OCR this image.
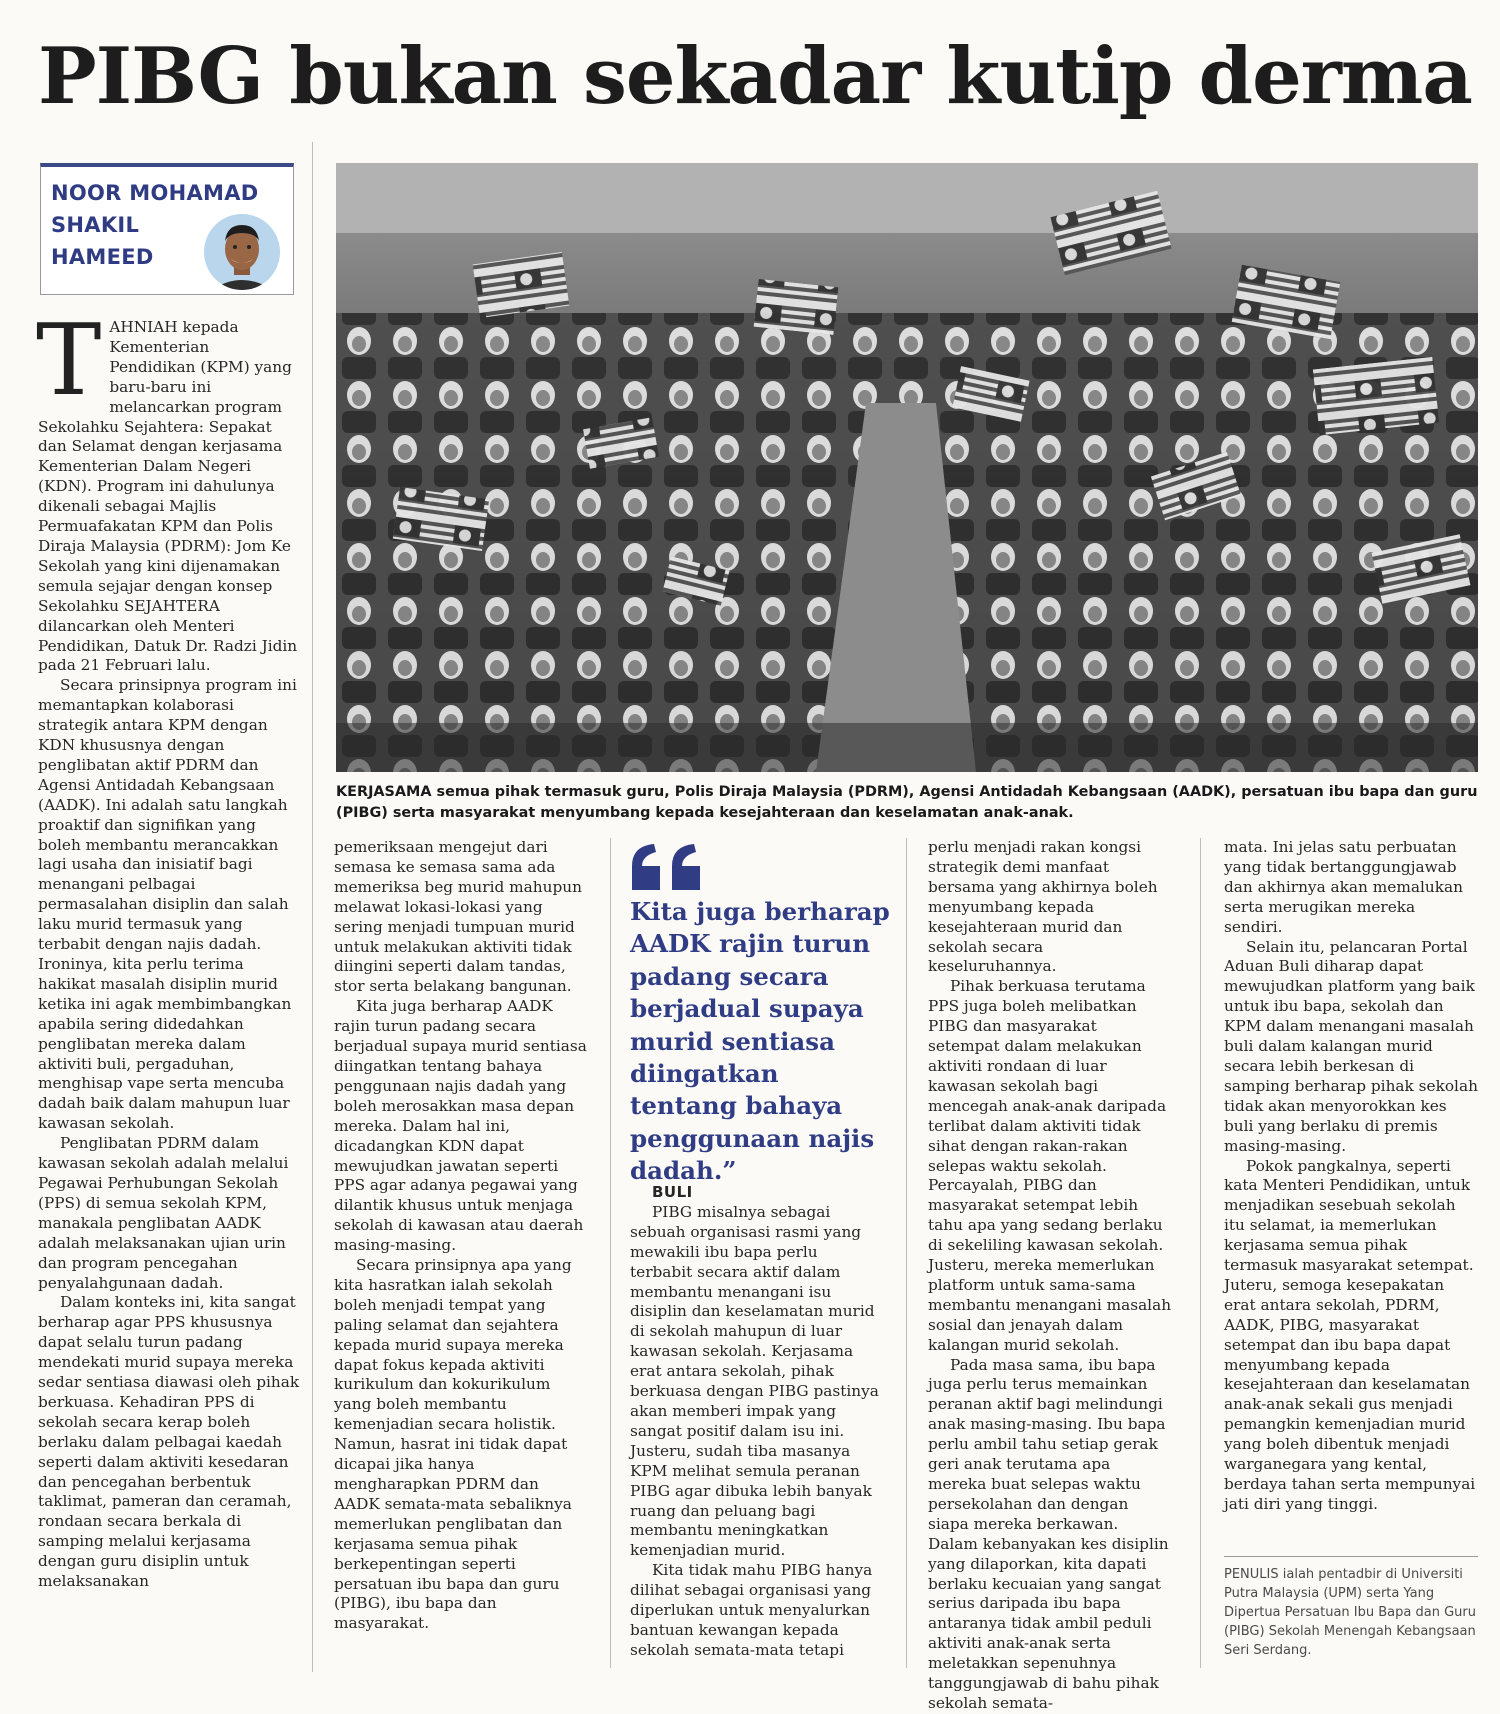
PIBG bukan sekadar kutip derma
NOOR MOHAMAD
SHAKIL
HAMEED

KERJASAMA semua pihak termasuk guru, Polis Diraja Malaysia (PDRM), Agensi Antidadah Kebangsaan (AADK), persatuan ibu bapa dan guru (PIBG) serta masyarakat menyumbang kepada kesejahteraan dan keselamatan anak-anak.

TAHNIAH kepada Kementerian Pendidikan (KPM) yang baru-baru ini melancarkan program Sekolahku Sejahtera: Sepakat dan Selamat dengan kerjasama Kementerian Dalam Negeri (KDN). Program ini dahulunya dikenali sebagai Majlis Permuafakatan KPM dan Polis Diraja Malaysia (PDRM): Jom Ke Sekolah yang kini dijenamakan semula sejajar dengan konsep Sekolahku SEJAHTERA dilancarkan oleh Menteri Pendidikan, Datuk Dr. Radzi Jidin pada 21 Februari lalu.

Secara prinsipnya program ini memantapkan kolaborasi strategik antara KPM dengan KDN khususnya dengan penglibatan aktif PDRM dan Agensi Antidadah Kebangsaan (AADK). Ini adalah satu langkah proaktif dan signifikan yang boleh membantu merancakkan lagi usaha dan inisiatif bagi menangani pelbagai permasalahan disiplin dan salah laku murid termasuk yang terbabit dengan najis dadah. Ironinya, kita perlu terima hakikat masalah disiplin murid ketika ini agak membimbangkan apabila sering didedahkan penglibatan mereka dalam aktiviti buli, pergaduhan, menghisap vape serta mencuba dadah baik dalam mahupun luar kawasan sekolah.

Penglibatan PDRM dalam kawasan sekolah adalah melalui Pegawai Perhubungan Sekolah (PPS) di semua sekolah KPM, manakala penglibatan AADK adalah melaksanakan ujian urin dan program pencegahan penyalahgunaan dadah.

Dalam konteks ini, kita sangat berharap agar PPS khususnya dapat selalu turun padang mendekati murid supaya mereka sedar sentiasa diawasi oleh pihak berkuasa. Kehadiran PPS di sekolah secara kerap boleh berlaku dalam pelbagai kaedah seperti dalam aktiviti kesedaran dan pencegahan berbentuk taklimat, pameran dan ceramah, rondaan secara berkala di samping melalui kerjasama dengan guru disiplin untuk melaksanakan

pemeriksaan mengejut dari semasa ke semasa sama ada memeriksa beg murid mahupun melawat lokasi-lokasi yang sering menjadi tumpuan murid untuk melakukan aktiviti tidak diingini seperti dalam tandas, stor serta belakang bangunan.

Kita juga berharap AADK rajin turun padang secara berjadual supaya murid sentiasa diingatkan tentang bahaya penggunaan najis dadah yang boleh merosakkan masa depan mereka. Dalam hal ini, dicadangkan KDN dapat mewujudkan jawatan seperti PPS agar adanya pegawai yang dilantik khusus untuk menjaga sekolah di kawasan atau daerah masing-masing.

Secara prinsipnya apa yang kita hasratkan ialah sekolah boleh menjadi tempat yang paling selamat dan sejahtera kepada murid supaya mereka dapat fokus kepada aktiviti kurikulum dan kokurikulum yang boleh membantu kemenjadian secara holistik. Namun, hasrat ini tidak dapat dicapai jika hanya mengharapkan PDRM dan AADK semata-mata sebaliknya memerlukan penglibatan dan kerjasama semua pihak berkepentingan seperti persatuan ibu bapa dan guru (PIBG), ibu bapa dan masyarakat.

Kita juga berharap AADK rajin turun padang secara berjadual supaya murid sentiasa diingatkan tentang bahaya penggunaan najis dadah.”

BULI

PIBG misalnya sebagai sebuah organisasi rasmi yang mewakili ibu bapa perlu terbabit secara aktif dalam membantu menangani isu disiplin dan keselamatan murid di sekolah mahupun di luar kawasan sekolah. Kerjasama erat antara sekolah, pihak berkuasa dengan PIBG pastinya akan memberi impak yang sangat positif dalam isu ini. Justeru, sudah tiba masanya KPM melihat semula peranan PIBG agar dibuka lebih banyak ruang dan peluang bagi membantu meningkatkan kemenjadian murid.

Kita tidak mahu PIBG hanya dilihat sebagai organisasi yang diperlukan untuk menyalurkan bantuan kewangan kepada sekolah semata-mata tetapi

perlu menjadi rakan kongsi strategik demi manfaat bersama yang akhirnya boleh menyumbang kepada kesejahteraan murid dan sekolah secara keseluruhannya.

Pihak berkuasa terutama PPS juga boleh melibatkan PIBG dan masyarakat setempat dalam melakukan aktiviti rondaan di luar kawasan sekolah bagi mencegah anak-anak daripada terlibat dalam aktiviti tidak sihat dengan rakan-rakan selepas waktu sekolah. Percayalah, PIBG dan masyarakat setempat lebih tahu apa yang sedang berlaku di sekeliling kawasan sekolah. Justeru, mereka memerlukan platform untuk sama-sama membantu menangani masalah sosial dan jenayah dalam kalangan murid sekolah.

Pada masa sama, ibu bapa juga perlu terus memainkan peranan aktif bagi melindungi anak masing-masing. Ibu bapa perlu ambil tahu setiap gerak geri anak terutama apa mereka buat selepas waktu persekolahan dan dengan siapa mereka berkawan. Dalam kebanyakan kes disiplin yang dilaporkan, kita dapati berlaku kecuaian yang sangat serius daripada ibu bapa antaranya tidak ambil peduli aktiviti anak-anak serta meletakkan sepenuhnya tanggungjawab di bahu pihak sekolah semata-

mata. Ini jelas satu perbuatan yang tidak bertanggungjawab dan akhirnya akan memalukan serta merugikan mereka sendiri.

Selain itu, pelancaran Portal Aduan Buli diharap dapat mewujudkan platform yang baik untuk ibu bapa, sekolah dan KPM dalam menangani masalah buli dalam kalangan murid secara lebih berkesan di samping berharap pihak sekolah tidak akan menyorokkan kes buli yang berlaku di premis masing-masing.

Pokok pangkalnya, seperti kata Menteri Pendidikan, untuk menjadikan sesebuah sekolah itu selamat, ia memerlukan kerjasama semua pihak termasuk masyarakat setempat. Juteru, semoga kesepakatan erat antara sekolah, PDRM, AADK, PIBG, masyarakat setempat dan ibu bapa dapat menyumbang kepada kesejahteraan dan keselamatan anak-anak sekali gus menjadi pemangkin kemenjadian murid yang boleh dibentuk menjadi warganegara yang kental, berdaya tahan serta mempunyai jati diri yang tinggi.

PENULIS ialah pentadbir di Universiti Putra Malaysia (UPM) serta Yang Dipertua Persatuan Ibu Bapa dan Guru (PIBG) Sekolah Menengah Kebangsaan Seri Serdang.
